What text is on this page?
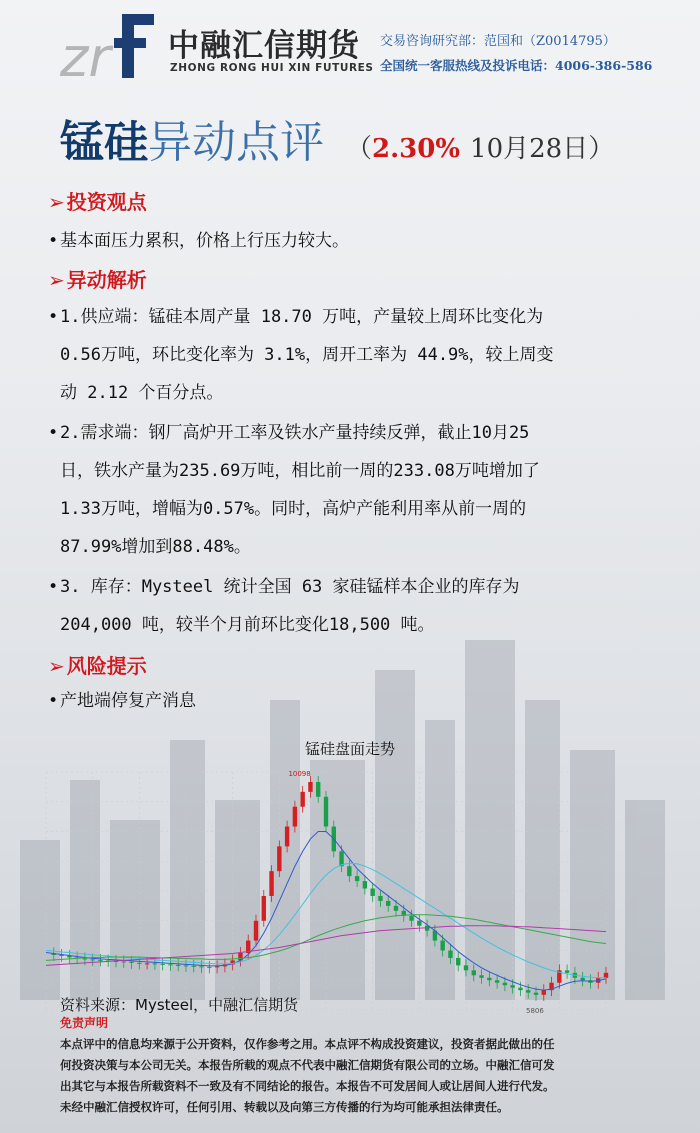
zr 中融汇信期货
ZHONG RONG HUI XIN FUTURES
交易咨询研究部：范国和（Z0014795）
全国统一客服热线及投诉电话：4006-386-586
锰硅异动点评 （2.30% 10月28日）
➢ 投资观点
• 基本面压力累积，价格上行压力较大。
➢ 异动解析
• 1.供应端：锰硅本周产量 18.70 万吨，产量较上周环比变化为
0.56万吨，环比变化率为 3.1%，周开工率为 44.9%，较上周变
动 2.12 个百分点。
• 2.需求端：钢厂高炉开工率及铁水产量持续反弹，截止10月25
日，铁水产量为235.69万吨，相比前一周的233.08万吨增加了
1.33万吨，增幅为0.57%。同时，高炉产能利用率从前一周的
87.99%增加到88.48%。
• 3. 库存：Mysteel 统计全国 63 家硅锰样本企业的库存为
204,000 吨，较半个月前环比变化18,500 吨。
➢ 风险提示
• 产地端停复产消息
锰硅盘面走势
10098
5806
资料来源：Mysteel，中融汇信期货
免责声明
本点评中的信息均来源于公开资料，仅作参考之用。本点评不构成投资建议，投资者据此做出的任
何投资决策与本公司无关。本报告所载的观点不代表中融汇信期货有限公司的立场。中融汇信可发
出其它与本报告所载资料不一致及有不同结论的报告。本报告不可发居间人或让居间人进行代发。
未经中融汇信授权许可，任何引用、转载以及向第三方传播的行为均可能承担法律责任。
